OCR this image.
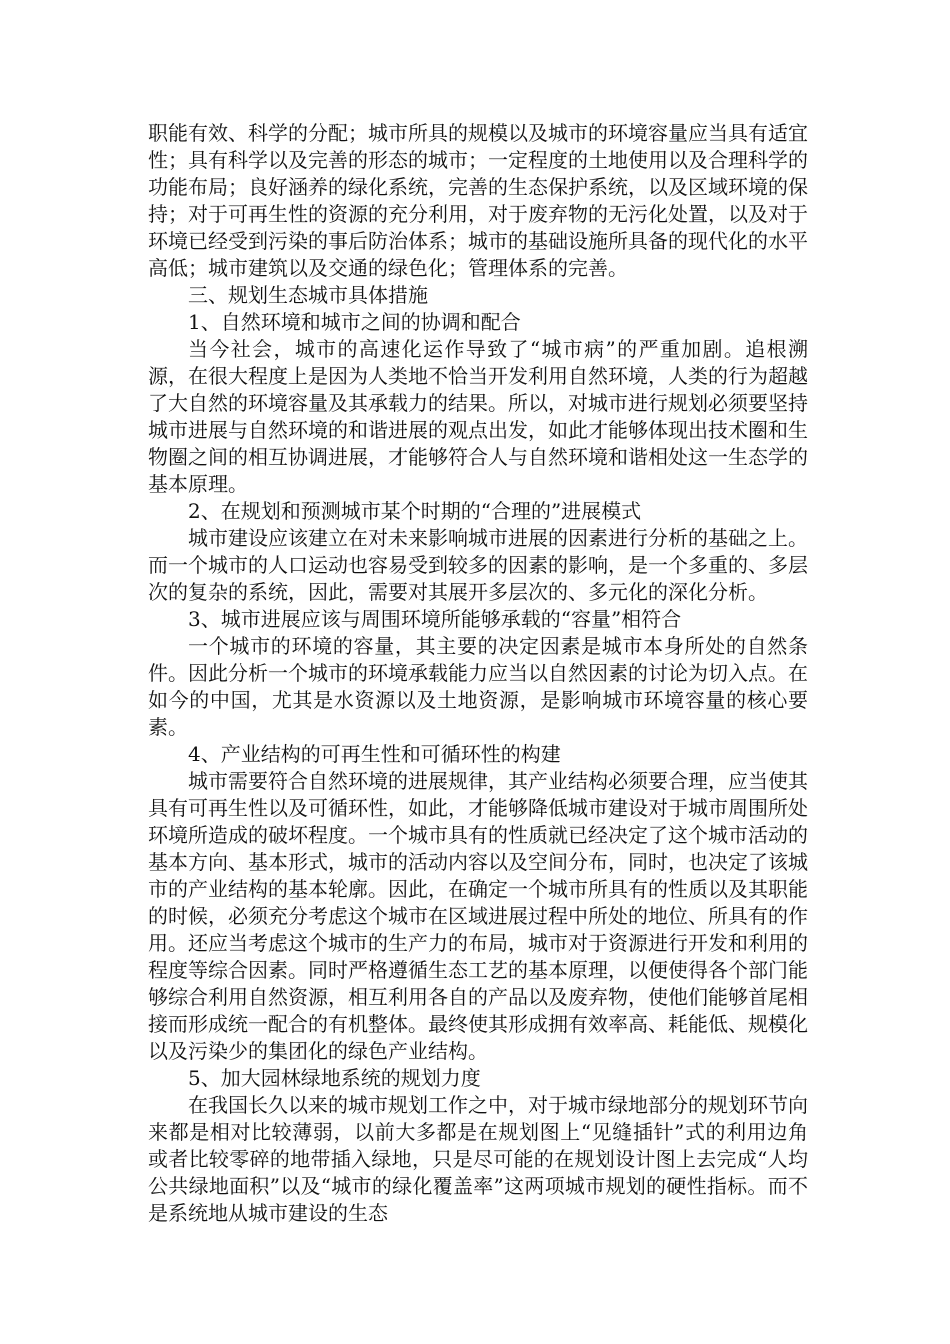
职能有效、科学的分配；城市所具的规模以及城市的环境容量应当具有适宜性；具有科学以及完善的形态的城市；一定程度的土地使用以及合理科学的功能布局；良好涵养的绿化系统，完善的生态保护系统，以及区域环境的保持；对于可再生性的资源的充分利用，对于废弃物的无污化处置，以及对于环境已经受到污染的事后防治体系；城市的基础设施所具备的现代化的水平高低；城市建筑以及交通的绿色化；管理体系的完善。

三、规划生态城市具体措施

1、自然环境和城市之间的协调和配合

当今社会，城市的高速化运作导致了“城市病”的严重加剧。追根溯源，在很大程度上是因为人类地不恰当开发利用自然环境，人类的行为超越了大自然的环境容量及其承载力的结果。所以，对城市进行规划必须要坚持城市进展与自然环境的和谐进展的观点出发，如此才能够体现出技术圈和生物圈之间的相互协调进展，才能够符合人与自然环境和谐相处这一生态学的基本原理。

2、在规划和预测城市某个时期的“合理的”进展模式

城市建设应该建立在对未来影响城市进展的因素进行分析的基础之上。而一个城市的人口运动也容易受到较多的因素的影响，是一个多重的、多层次的复杂的系统，因此，需要对其展开多层次的、多元化的深化分析。

3、城市进展应该与周围环境所能够承载的“容量”相符合

一个城市的环境的容量，其主要的决定因素是城市本身所处的自然条件。因此分析一个城市的环境承载能力应当以自然因素的讨论为切入点。在如今的中国，尤其是水资源以及土地资源，是影响城市环境容量的核心要素。

4、产业结构的可再生性和可循环性的构建

城市需要符合自然环境的进展规律，其产业结构必须要合理，应当使其具有可再生性以及可循环性，如此，才能够降低城市建设对于城市周围所处环境所造成的破坏程度。一个城市具有的性质就已经决定了这个城市活动的基本方向、基本形式，城市的活动内容以及空间分布，同时，也决定了该城市的产业结构的基本轮廓。因此，在确定一个城市所具有的性质以及其职能的时候，必须充分考虑这个城市在区域进展过程中所处的地位、所具有的作用。还应当考虑这个城市的生产力的布局，城市对于资源进行开发和利用的程度等综合因素。同时严格遵循生态工艺的基本原理，以便使得各个部门能够综合利用自然资源，相互利用各自的产品以及废弃物，使他们能够首尾相接而形成统一配合的有机整体。最终使其形成拥有效率高、耗能低、规模化以及污染少的集团化的绿色产业结构。

5、加大园林绿地系统的规划力度

在我国长久以来的城市规划工作之中，对于城市绿地部分的规划环节向来都是相对比较薄弱，以前大多都是在规划图上“见缝插针”式的利用边角或者比较零碎的地带插入绿地，只是尽可能的在规划设计图上去完成“人均公共绿地面积”以及“城市的绿化覆盖率”这两项城市规划的硬性指标。而不是系统地从城市建设的生态
